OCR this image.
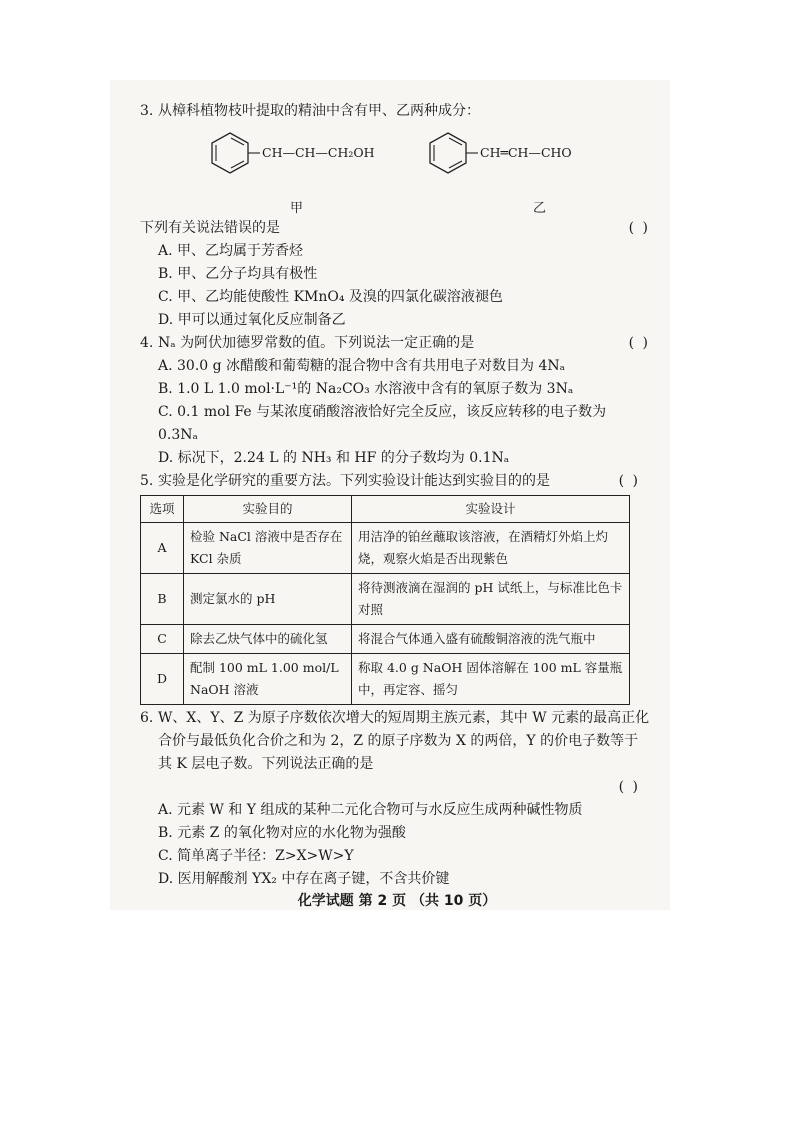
3. 从樟科植物枝叶提取的精油中含有甲、乙两种成分：
CH—CH—CH₂OH
甲
CH═CH—CHO
乙
下列有关说法错误的是	( )
A. 甲、乙均属于芳香烃
B. 甲、乙分子均具有极性
C. 甲、乙均能使酸性 KMnO₄ 及溴的四氯化碳溶液褪色
D. 甲可以通过氧化反应制备乙
4. Nₐ 为阿伏加德罗常数的值。下列说法一定正确的是	( )
A. 30.0 g 冰醋酸和葡萄糖的混合物中含有共用电子对数目为 4Nₐ
B. 1.0 L 1.0 mol·L⁻¹的 Na₂CO₃ 水溶液中含有的氧原子数为 3Nₐ
C. 0.1 mol Fe 与某浓度硝酸溶液恰好完全反应，该反应转移的电子数为 0.3Nₐ
D. 标况下，2.24 L 的 NH₃ 和 HF 的分子数均为 0.1Nₐ
5. 实验是化学研究的重要方法。下列实验设计能达到实验目的的是	( )
选项	实验目的	实验设计
A	检验 NaCl 溶液中是否存在 KCl 杂质	用洁净的铂丝蘸取该溶液，在酒精灯外焰上灼烧，观察火焰是否出现紫色
B	测定氯水的 pH	将待测液滴在湿润的 pH 试纸上，与标准比色卡对照
C	除去乙炔气体中的硫化氢	将混合气体通入盛有硫酸铜溶液的洗气瓶中
D	配制 100 mL 1.00 mol/L NaOH 溶液	称取 4.0 g NaOH 固体溶解在 100 mL 容量瓶中，再定容、摇匀
6. W、X、Y、Z 为原子序数依次增大的短周期主族元素，其中 W 元素的最高正化合价与最低负化合价之和为 2，Z 的原子序数为 X 的两倍，Y 的价电子数等于其 K 层电子数。下列说法正确的是
( )
A. 元素 W 和 Y 组成的某种二元化合物可与水反应生成两种碱性物质
B. 元素 Z 的氧化物对应的水化物为强酸
C. 简单离子半径：Z>X>W>Y
D. 医用解酸剂 YX₂ 中存在离子键，不含共价键
化学试题 第 2 页 （共 10 页）
